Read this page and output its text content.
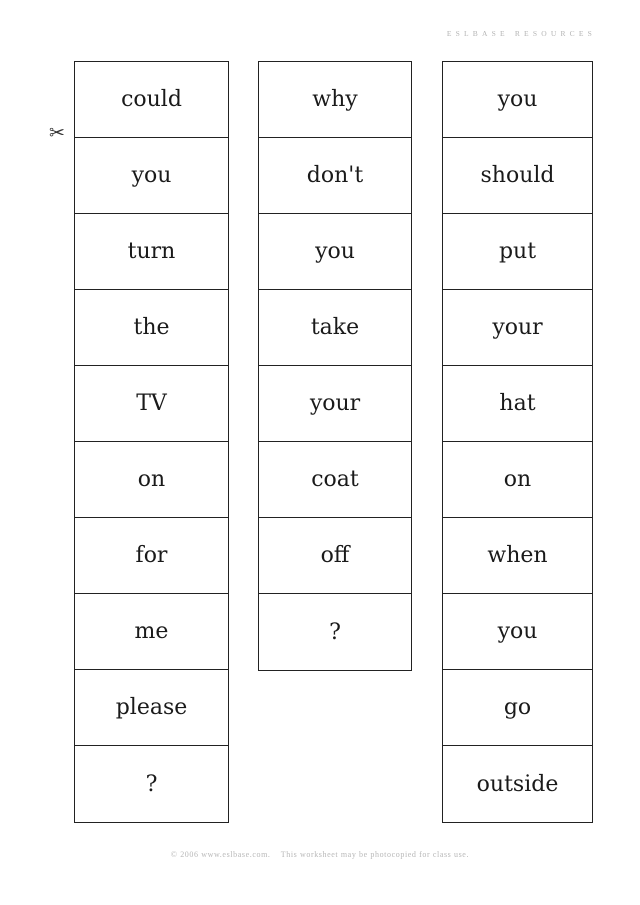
ESLBASE RESOURCES
✂
could
you
turn
the
TV
on
for
me
please
?
why
don't
you
take
your
coat
off
?
you
should
put
your
hat
on
when
you
go
outside
© 2006 www.eslbase.com.    This worksheet may be photocopied for class use.
